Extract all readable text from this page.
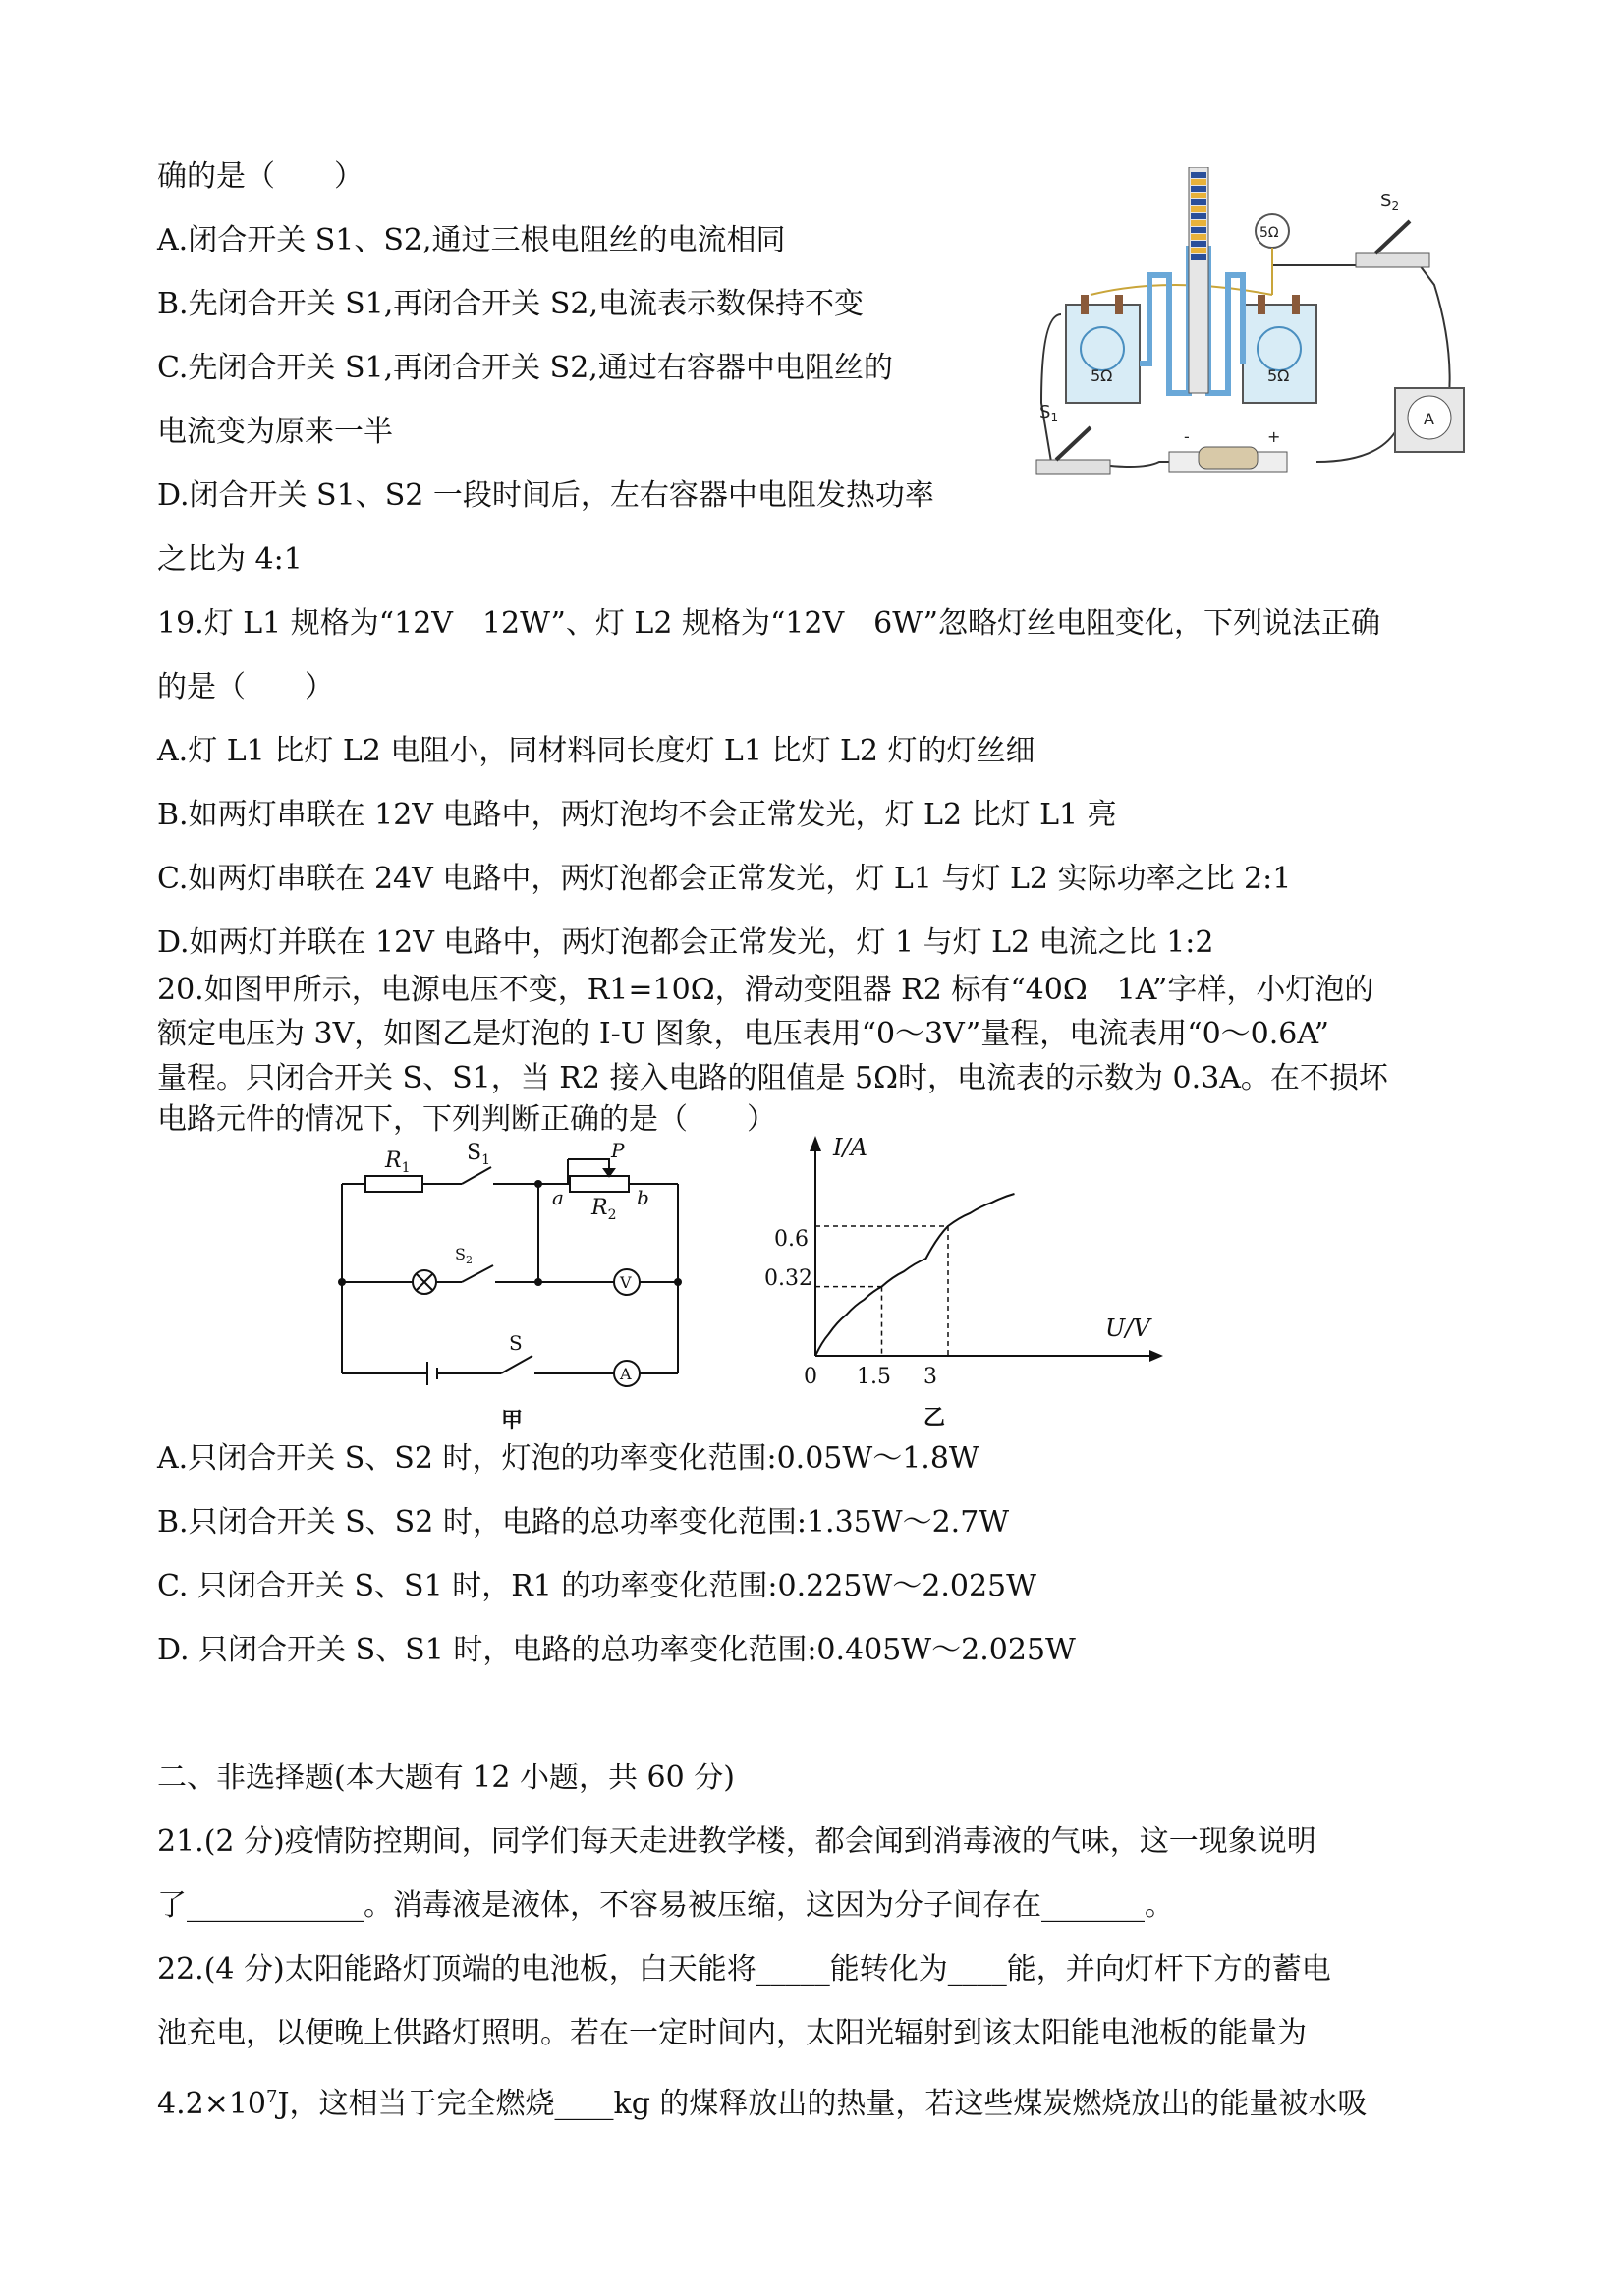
确的是（　　）
A.闭合开关 S1、S2,通过三根电阻丝的电流相同
B.先闭合开关 S1,再闭合开关 S2,电流表示数保持不变
C.先闭合开关 S1,再闭合开关 S2,通过右容器中电阻丝的
电流变为原来一半
D.闭合开关 S1、S2 一段时间后，左右容器中电阻发热功率
之比为 4:1
5Ω	5Ω
5Ω
$S_2$
$S_1$
-	+
A
19.灯 L1 规格为“12V　12W”、灯 L2 规格为“12V　6W”忽略灯丝电阻变化，下列说法正确
的是（　　）
A.灯 L1 比灯 L2 电阻小，同材料同长度灯 L1 比灯 L2 灯的灯丝细
B.如两灯串联在 12V 电路中，两灯泡均不会正常发光，灯 L2 比灯 L1 亮
C.如两灯串联在 24V 电路中，两灯泡都会正常发光，灯 L1 与灯 L2 实际功率之比 2:1
D.如两灯并联在 12V 电路中，两灯泡都会正常发光，灯 1 与灯 L2 电流之比 1:2
20.如图甲所示，电源电压不变，R1=10Ω，滑动变阻器 R2 标有“40Ω　1A”字样，小灯泡的
额定电压为 3V，如图乙是灯泡的 I-U 图象，电压表用“0～3V”量程，电流表用“0～0.6A”
量程。只闭合开关 S、S1，当 R2 接入电路的阻值是 5Ω时，电流表的示数为 0.3A。在不损坏
电路元件的情况下，下列判断正确的是（　　）
$R_1$
$S_1$	P
$R_2$
a	b
$S_2$
V
S
A
甲
I/A
U/V
0
0.32
0.6
1.5 3
乙
A.只闭合开关 S、S2 时，灯泡的功率变化范围:0.05W～1.8W
B.只闭合开关 S、S2 时，电路的总功率变化范围:1.35W～2.7W
C. 只闭合开关 S、S1 时，R1 的功率变化范围:0.225W～2.025W
D. 只闭合开关 S、S1 时，电路的总功率变化范围:0.405W～2.025W
二、非选择题(本大题有 12 小题，共 60 分)
21.(2 分)疫情防控期间，同学们每天走进教学楼，都会闻到消毒液的气味，这一现象说明
了____________。消毒液是液体，不容易被压缩，这因为分子间存在_______。
22.(4 分)太阳能路灯顶端的电池板，白天能将_____能转化为____能，并向灯杆下方的蓄电
池充电，以便晚上供路灯照明。若在一定时间内，太阳光辐射到该太阳能电池板的能量为
$4.2\times 10^7J$，这相当于完全燃烧____kg 的煤释放出的热量，若这些煤炭燃烧放出的能量被水吸
